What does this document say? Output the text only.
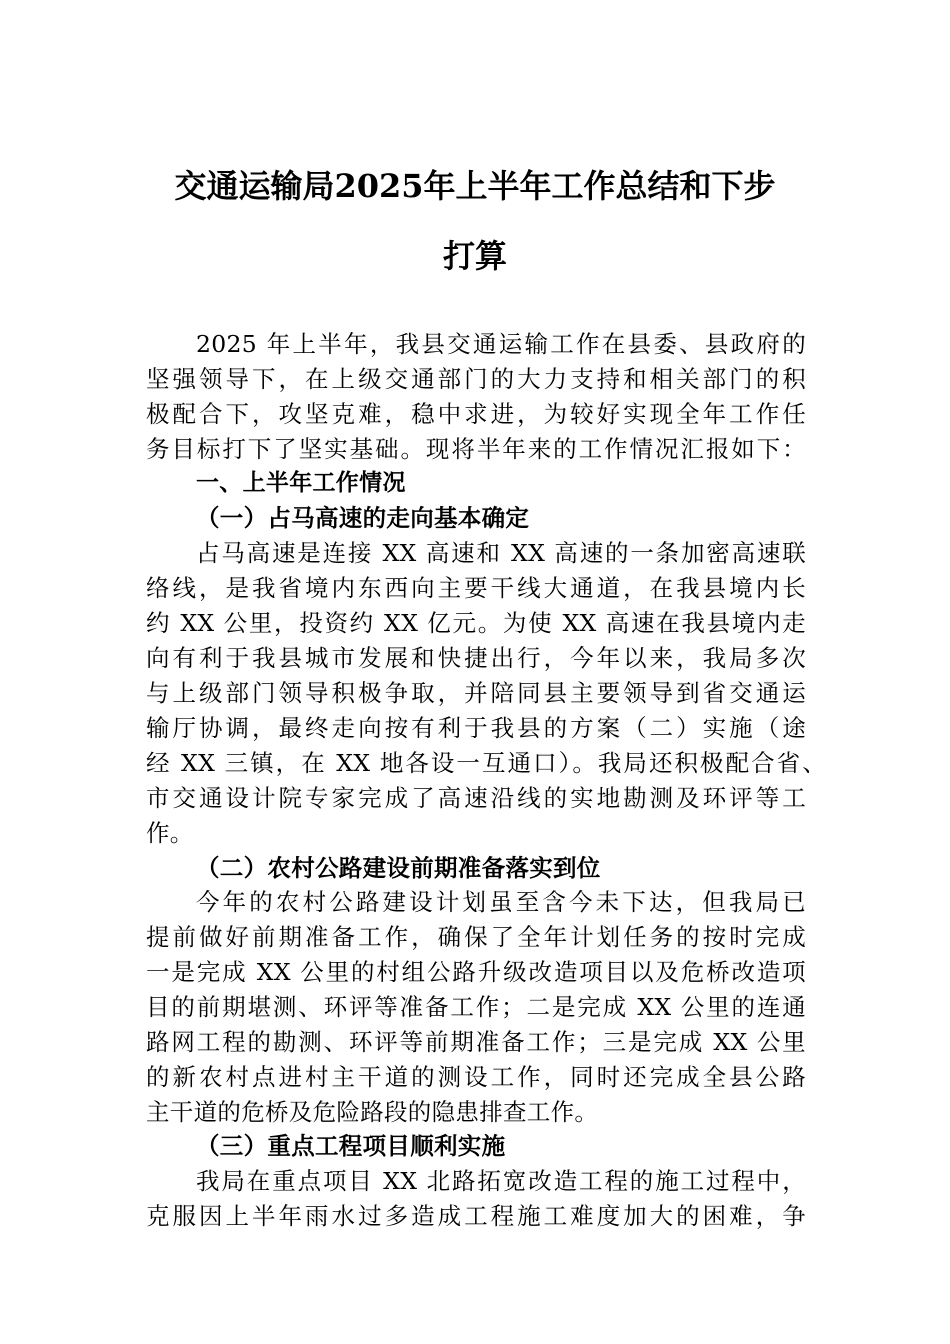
交通运输局2025年上半年工作总结和下步
打算
2025 年上半年，我县交通运输工作在县委、县政府的
坚强领导下，在上级交通部门的大力支持和相关部门的积
极配合下，攻坚克难，稳中求进，为较好实现全年工作任
务目标打下了坚实基础。现将半年来的工作情况汇报如下：
一、上半年工作情况
（一）占马高速的走向基本确定
占马高速是连接 XX 高速和 XX 高速的一条加密高速联
络线，是我省境内东西向主要干线大通道，在我县境内长
约 XX 公里，投资约 XX 亿元。为使 XX 高速在我县境内走
向有利于我县城市发展和快捷出行，今年以来，我局多次
与上级部门领导积极争取，并陪同县主要领导到省交通运
输厅协调，最终走向按有利于我县的方案（二）实施（途
经 XX 三镇，在 XX 地各设一互通口）。我局还积极配合省、
市交通设计院专家完成了高速沿线的实地勘测及环评等工
作。
（二）农村公路建设前期准备落实到位
今年的农村公路建设计划虽至含今未下达，但我局已
提前做好前期准备工作，确保了全年计划任务的按时完成
一是完成 XX 公里的村组公路升级改造项目以及危桥改造项
目的前期堪测、环评等准备工作；二是完成 XX 公里的连通
路网工程的勘测、环评等前期准备工作；三是完成 XX 公里
的新农村点进村主干道的测设工作，同时还完成全县公路
主干道的危桥及危险路段的隐患排查工作。
（三）重点工程项目顺利实施
我局在重点项目 XX 北路拓宽改造工程的施工过程中，
克服因上半年雨水过多造成工程施工难度加大的困难，争
